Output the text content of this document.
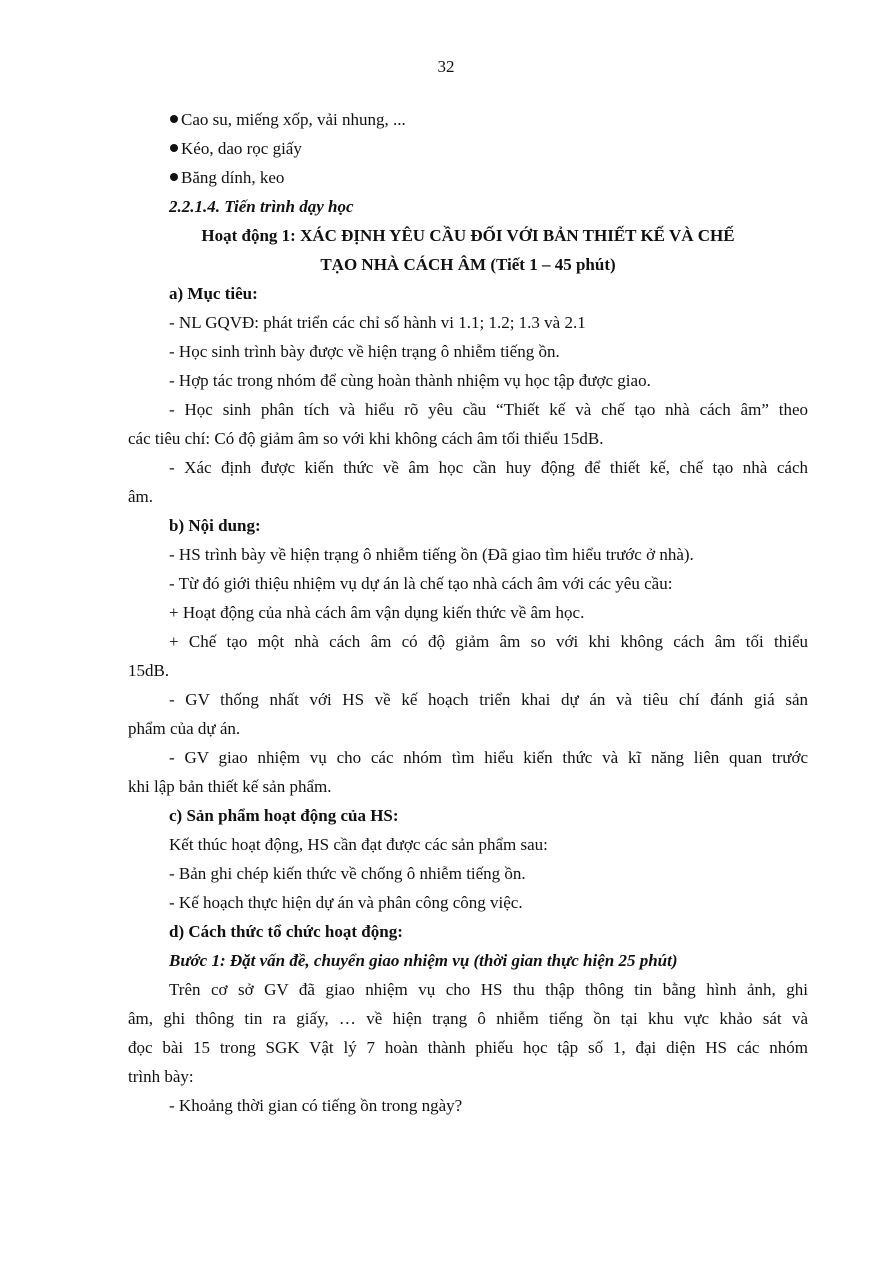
32
Cao su, miếng xốp, vải nhung, ...
Kéo, dao rọc giấy
Băng dính, keo
2.2.1.4. Tiến trình dạy học
Hoạt động 1: XÁC ĐỊNH YÊU CẦU ĐỐI VỚI BẢN THIẾT KẾ VÀ CHẾ
TẠO NHÀ CÁCH ÂM (Tiết 1 – 45 phút)
a) Mục tiêu:
- NL GQVĐ: phát triển các chỉ số hành vi 1.1; 1.2; 1.3 và 2.1
- Học sinh trình bày được về hiện trạng ô nhiễm tiếng ồn.
- Hợp tác trong nhóm để cùng hoàn thành nhiệm vụ học tập được giao.
- Học sinh phân tích và hiểu rõ yêu cầu “Thiết kế và chế tạo nhà cách âm” theo
các tiêu chí: Có độ giảm âm so với khi không cách âm tối thiểu 15dB.
- Xác định được kiến thức về âm học cần huy động để thiết kế, chế tạo nhà cách
âm.
b) Nội dung:
- HS trình bày về hiện trạng ô nhiễm tiếng ồn (Đã giao tìm hiểu trước ở nhà).
- Từ đó giới thiệu nhiệm vụ dự án là chế tạo nhà cách âm với các yêu cầu:
+ Hoạt động của nhà cách âm vận dụng kiến thức về âm học.
+ Chế tạo một nhà cách âm có độ giảm âm so với khi không cách âm tối thiểu
15dB.
- GV thống nhất với HS về kế hoạch triển khai dự án và tiêu chí đánh giá sản
phẩm của dự án.
- GV giao nhiệm vụ cho các nhóm tìm hiểu kiến thức và kĩ năng liên quan trước
khi lập bản thiết kế sản phẩm.
c) Sản phẩm hoạt động của HS:
Kết thúc hoạt động, HS cần đạt được các sản phẩm sau:
- Bản ghi chép kiến thức về chống ô nhiễm tiếng ồn.
- Kế hoạch thực hiện dự án và phân công công việc.
d) Cách thức tổ chức hoạt động:
Bước 1: Đặt vấn đề, chuyển giao nhiệm vụ (thời gian thực hiện 25 phút)
Trên cơ sở GV đã giao nhiệm vụ cho HS thu thập thông tin bằng hình ảnh, ghi
âm, ghi thông tin ra giấy, … về hiện trạng ô nhiễm tiếng ồn tại khu vực khảo sát và
đọc bài 15 trong SGK Vật lý 7 hoàn thành phiếu học tập số 1, đại diện HS các nhóm
trình bày:
- Khoảng thời gian có tiếng ồn trong ngày?
